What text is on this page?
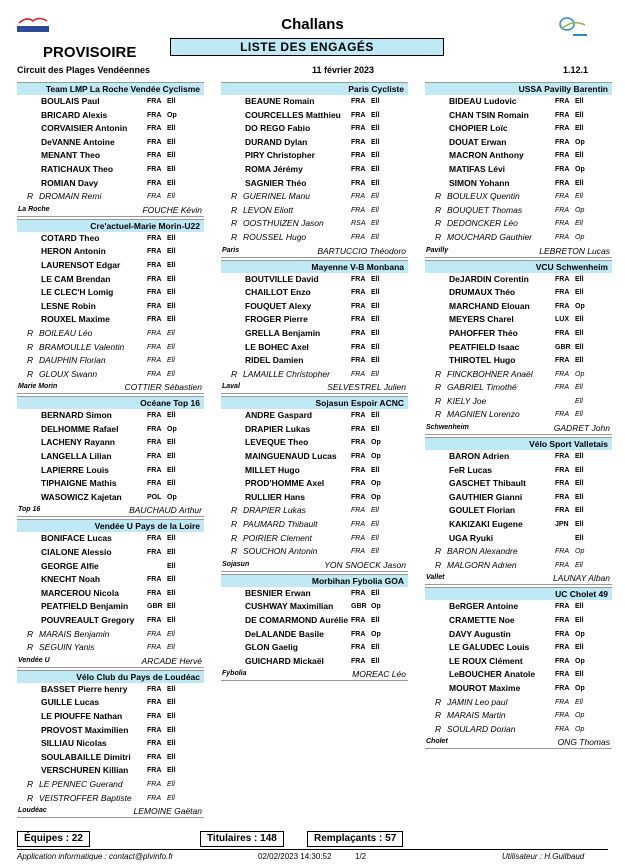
Challans
PROVISOIRE	LISTE DES ENGAGÉS
Circuit des Plages Vendéennes	11 février 2023	1.12.1
Team LMP La Roche Vendée Cyclisme
BOULAIS Paul	FRA Ell
BRICARD Alexis	FRA Op
CORVAISIER Antonin	FRA Ell
DeVANNE Antoine	FRA Ell
MENANT Theo	FRA Ell
RATICHAUX Theo	FRA Ell
ROMIAN Davy	FRA Ell
R DROMAIN Remi	FRA Ell
La Roche	FOUCHE Kévin
Cre'actuel-Marie Morin-U22
COTARD Theo	FRA Ell
HERON Antonin	FRA Ell
LAURENSOT Edgar	FRA Ell
LE CAM Brendan	FRA Ell
LE CLEC'H Lomig	FRA Ell
LESNE Robin	FRA Ell
ROUXEL Maxime	FRA Ell
R BOILEAU Léo	FRA Ell
R BRAMOULLE Valentin	FRA Ell
R DAUPHIN Florian	FRA Ell
R GLOUX Swann	FRA Ell
Marie Morin	COTTIER Sébastien
Océane Top 16
BERNARD Simon	FRA Ell
DELHOMME Rafael	FRA Op
LACHENY Rayann	FRA Ell
LANGELLA Lilian	FRA Ell
LAPIERRE Louis	FRA Ell
TIPHAIGNE Mathis	FRA Ell
WASOWICZ Kajetan	POL Op
Top 16	BAUCHAUD Arthur
Vendée U Pays de la Loire
BONIFACE Lucas	FRA Ell
CIALONE Alessio	FRA Ell
GEORGE Alfie	Ell
KNECHT Noah	FRA Ell
MARCEROU Nicola	FRA Ell
PEATFIELD Benjamin	GBR Ell
POUVREAULT Gregory FRA Ell
R MARAIS Benjamin	FRA Ell
R SEGUIN Yanis	FRA Ell
Vendée U	ARCADE Hervé
Vélo Club du Pays de Loudéac
BASSET Pierre henry	FRA Ell
GUILLE Lucas	FRA Ell
LE PIOUFFE Nathan	FRA Ell
PROVOST Maximilien	FRA Ell
SILLIAU Nicolas	FRA Ell
SOULABAILLE Dimitri FRA Ell
VERSCHUREN Killian	FRA Ell
R LE PENNEC Guerand	FRA Ell
R VEISTROFFER Baptiste FRA Ell
Loudéac	LEMOINE Gaëtan
Paris Cycliste
BEAUNE Romain	FRA Ell
COURCELLES Matthieu FRA Ell
DO REGO Fabio	FRA Ell
DURAND Dylan	FRA Ell
PIRY Christopher	FRA Ell
ROMA Jérémy	FRA Ell
SAGNIER Théo	FRA Ell
R GUERINEL Manu	FRA Ell
R LEVON Eliott	FRA Ell
R OOSTHUIZEN Jason	RSA Ell
R ROUSSEL Hugo	FRA Ell
Paris	BARTUCCIO Théodoro
Mayenne V-B Monbana
BOUTVILLE David	FRA Ell
CHAILLOT Enzo	FRA Ell
FOUQUET Alexy	FRA Ell
FROGER Pierre	FRA Ell
GRELLA Benjamin	FRA Ell
LE BOHEC Axel	FRA Ell
RIDEL Damien	FRA Ell
R LAMAILLE Christopher	FRA Ell
Laval	SELVESTREL Julien
Sojasun Espoir ACNC
ANDRE Gaspard	FRA Ell
DRAPIER Lukas	FRA Ell
LEVEQUE Theo	FRA Op
MAINGUENAUD Lucas FRA Op
MILLET Hugo	FRA Ell
PROD'HOMME Axel	FRA Op
RULLIER Hans	FRA Op
R DRAPIER Lukas	FRA Ell
R PAUMARD Thibault	FRA Ell
R POIRIER Clement	FRA Ell
R SOUCHON Antonin	FRA Ell
Sojasun	YON SNOECK Jason
Morbihan Fybolia GOA
BESNIER Erwan	FRA Ell
CUSHWAY Maximilian	GBR Op
DE COMARMOND Aurélie FRA Ell
DeLALANDE Basile	FRA Op
GLON Gaelig	FRA Ell
GUICHARD Mickaël	FRA Ell
Fybolia	MOREAC Léo
USSA Pavilly Barentin
BIDEAU Ludovic	FRA Ell
CHAN TSIN Romain	FRA Ell
CHOPIER Loïc	FRA Ell
DOUAT Erwan	FRA Op
MACRON Anthony	FRA Ell
MATIFAS Lévi	FRA Op
SIMON Yohann	FRA Ell
R BOULEUX Quentin	FRA Ell
R BOUQUET Thomas	FRA Op
R DEDONCKER Léo	FRA Ell
R MOUCHARD Gauthier	FRA Op
Pavilly	LEBRETON Lucas
VCU Schwenheim
DeJARDIN Corentin	FRA Ell
DRUMAUX Théo	FRA Ell
MARCHAND Elouan	FRA Op
MEYERS Charel	LUX Ell
PAHOFFER Théo	FRA Ell
PEATFIELD Isaac	GBR Ell
THIROTEL Hugo	FRA Ell
R FINCKBOHNER Anaël	FRA Op
R GABRIEL Timothé	FRA Ell
R KIELY Joe	Ell
R MAGNIEN Lorenzo	FRA Ell
Schwenheim	GADRET John
Vélo Sport Valletais
BARON Adrien	FRA Ell
FeR Lucas	FRA Ell
GASCHET Thibault	FRA Ell
GAUTHIER Gianni	FRA Ell
GOULET Florian	FRA Ell
KAKIZAKI Eugene	JPN Ell
UGA Ryuki	Ell
R BARON Alexandre	FRA Op
R MALGORN Adrien	FRA Ell
Vallet	LAUNAY Alban
UC Cholet 49
BeRGER Antoine	FRA Ell
CRAMETTE Noe	FRA Ell
DAVY Augustin	FRA Op
LE GALUDEC Louis	FRA Ell
LE ROUX Clément	FRA Op
LeBOUCHER Anatole	FRA Ell
MOUROT Maxime	FRA Op
R JAMIN Leo paul	FRA Ell
R MARAIS Martin	FRA Op
R SOULARD Dorian	FRA Op
Cholet	ONG Thomas
Équipes : 22	Titulaires : 148	Remplaçants : 57
Application informatique : contact@plvinfo.fr	02/02/2023 14:30:52	1/2	Utilisateur : H.Guilbaud
